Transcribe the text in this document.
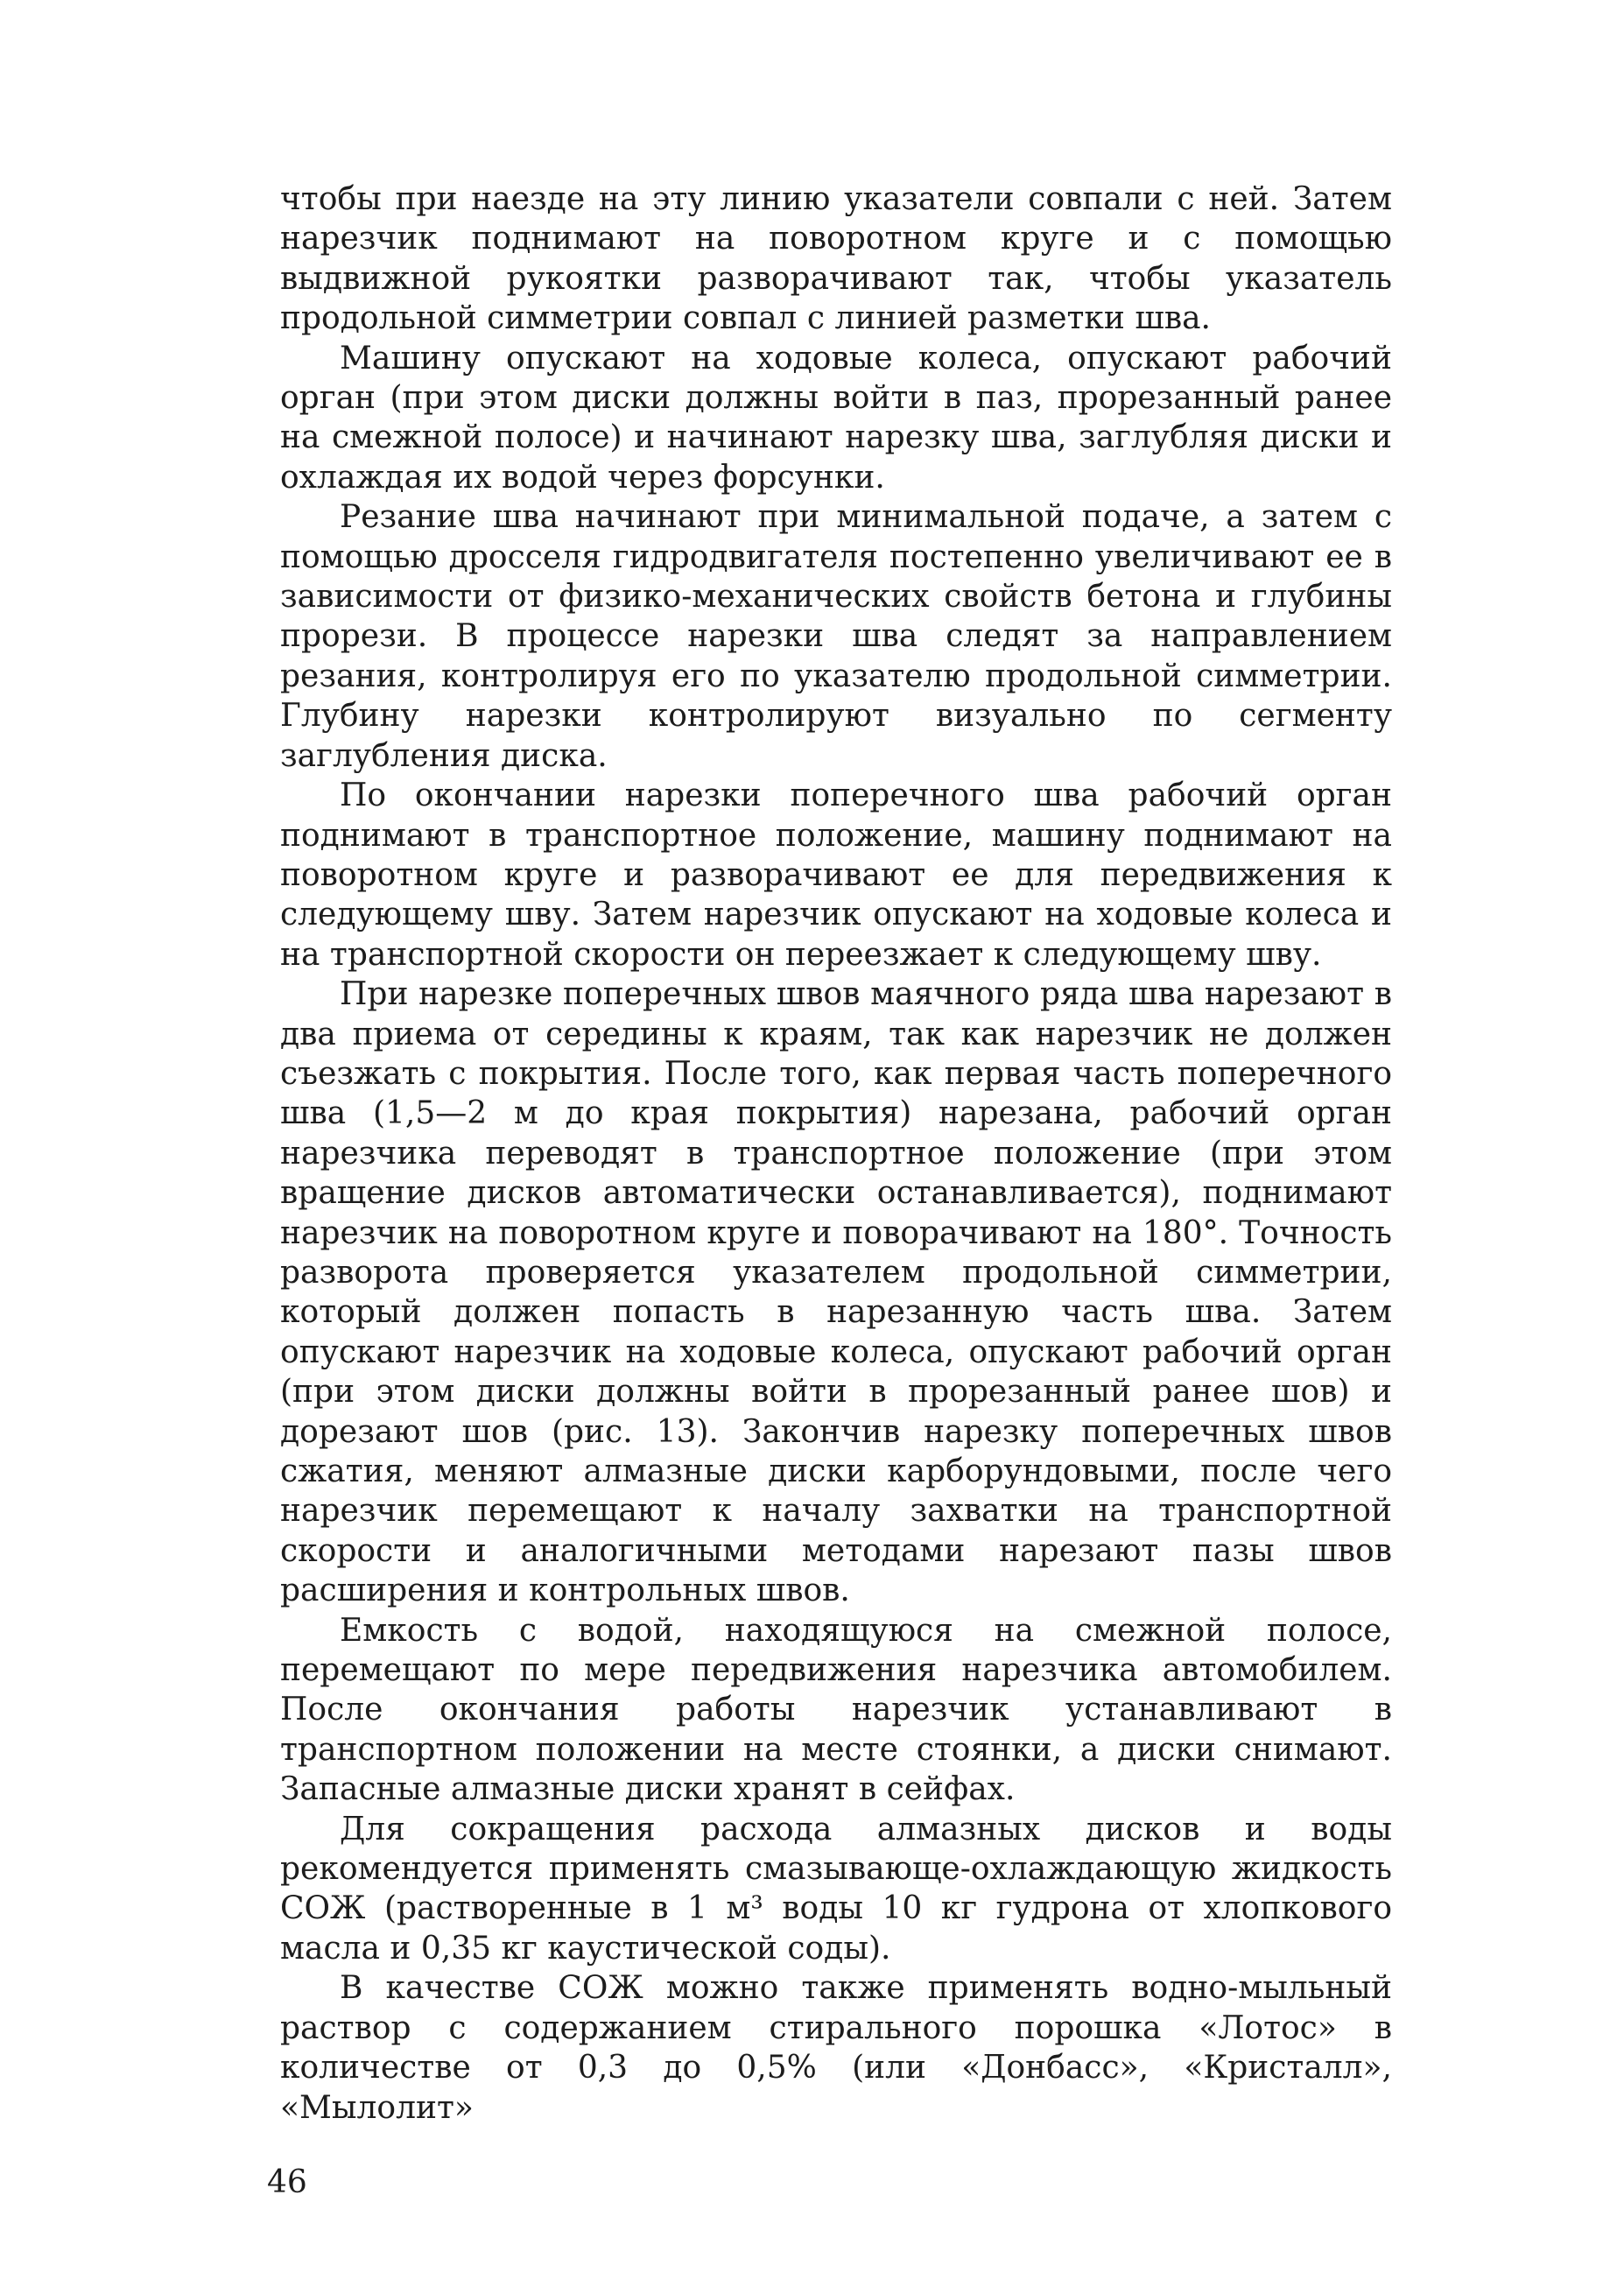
чтобы при наезде на эту линию указатели совпали с ней. Затем нарезчик поднимают на поворотном круге и с помощью выдвижной рукоятки разворачивают так, чтобы указатель продольной симметрии совпал с линией разметки шва.

Машину опускают на ходовые колеса, опускают рабочий орган (при этом диски должны войти в паз, прорезанный ранее на смежной полосе) и начинают нарезку шва, заглубляя диски и охлаждая их водой через форсунки.

Резание шва начинают при минимальной подаче, а затем с помощью дросселя гидродвигателя постепенно увеличивают ее в зависимости от физико-механических свойств бетона и глубины прорези. В процессе нарезки шва следят за направлением резания, контролируя его по указателю продольной симметрии. Глубину нарезки контролируют визуально по сегменту заглубления диска.

По окончании нарезки поперечного шва рабочий орган поднимают в транспортное положение, машину поднимают на поворотном круге и разворачивают ее для передвижения к следующему шву. Затем нарезчик опускают на ходовые колеса и на транспортной скорости он переезжает к следующему шву.

При нарезке поперечных швов маячного ряда шва нарезают в два приема от середины к краям, так как нарезчик не должен съезжать с покрытия. После того, как первая часть поперечного шва (1,5—2 м до края покрытия) нарезана, рабочий орган нарезчика переводят в транспортное положение (при этом вращение дисков автоматически останавливается), поднимают нарезчик на поворотном круге и поворачивают на 180°. Точность разворота проверяется указателем продольной симметрии, который должен попасть в нарезанную часть шва. Затем опускают нарезчик на ходовые колеса, опускают рабочий орган (при этом диски должны войти в прорезанный ранее шов) и дорезают шов (рис. 13). Закончив нарезку поперечных швов сжатия, меняют алмазные диски карборундовыми, после чего нарезчик перемещают к началу захватки на транспортной скорости и аналогичными методами нарезают пазы швов расширения и контрольных швов.

Емкость с водой, находящуюся на смежной полосе, перемещают по мере передвижения нарезчика автомобилем. После окончания работы нарезчик устанавливают в транспортном положении на месте стоянки, а диски снимают. Запасные алмазные диски хранят в сейфах.

Для сокращения расхода алмазных дисков и воды рекомендуется применять смазывающе-охлаждающую жидкость СОЖ (растворенные в 1 м³ воды 10 кг гудрона от хлопкового масла и 0,35 кг каустической соды).

В качестве СОЖ можно также применять водно-мыльный раствор с содержанием стирального порошка «Лотос» в количестве от 0,3 до 0,5% (или «Донбасс», «Кристалл», «Мылолит»

46
